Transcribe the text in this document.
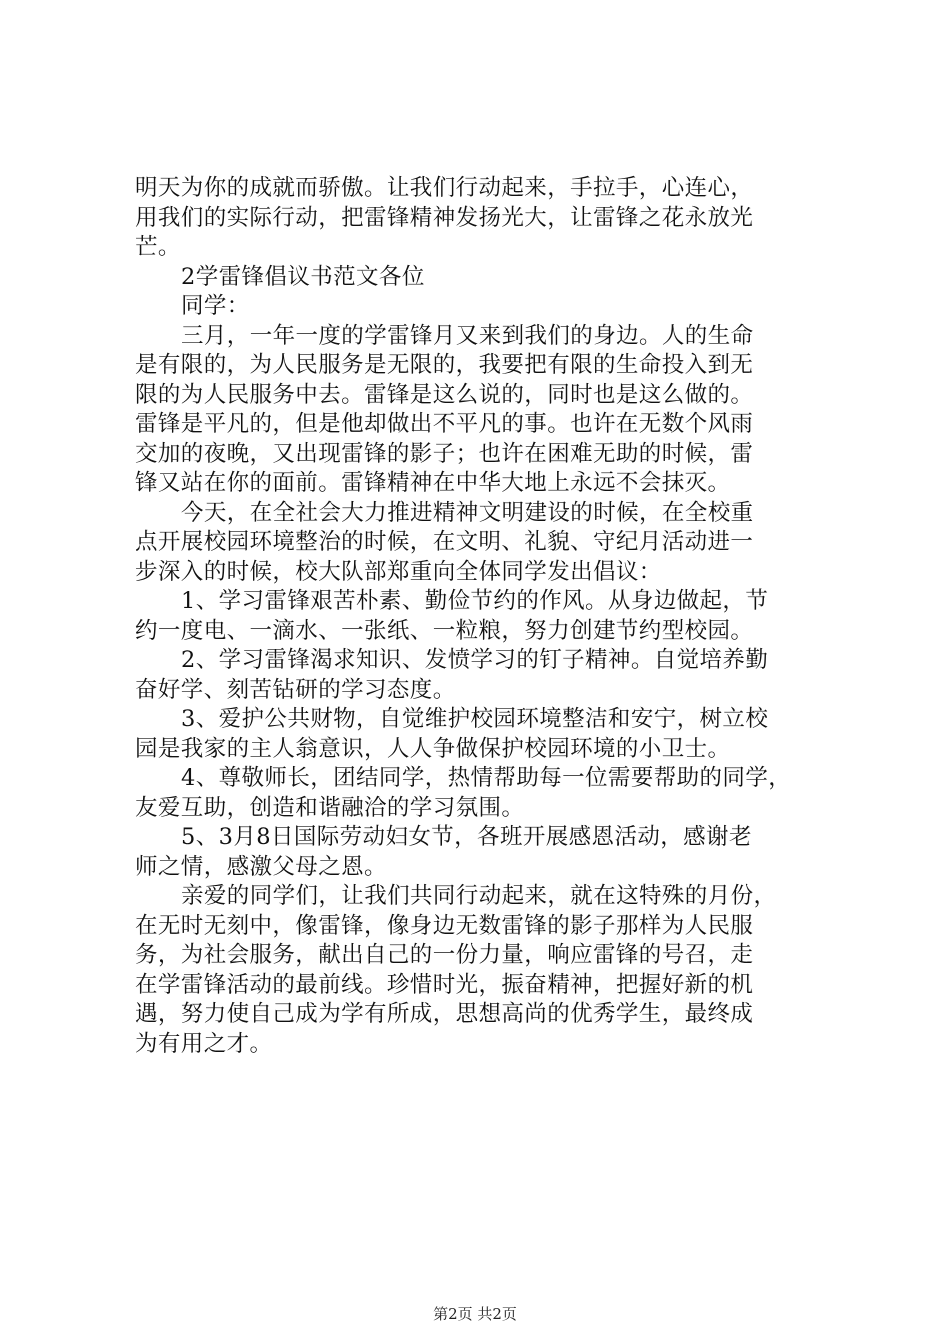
明天为你的成就而骄傲。让我们行动起来，手拉手，心连心，
用我们的实际行动，把雷锋精神发扬光大，让雷锋之花永放光
芒。
2学雷锋倡议书范文各位
同学：
三月，一年一度的学雷锋月又来到我们的身边。人的生命
是有限的，为人民服务是无限的，我要把有限的生命投入到无
限的为人民服务中去。雷锋是这么说的，同时也是这么做的。
雷锋是平凡的，但是他却做出不平凡的事。也许在无数个风雨
交加的夜晚，又出现雷锋的影子；也许在困难无助的时候，雷
锋又站在你的面前。雷锋精神在中华大地上永远不会抹灭。
今天，在全社会大力推进精神文明建设的时候，在全校重
点开展校园环境整治的时候，在文明、礼貌、守纪月活动进一
步深入的时候，校大队部郑重向全体同学发出倡议：
1、学习雷锋艰苦朴素、勤俭节约的作风。从身边做起，节
约一度电、一滴水、一张纸、一粒粮，努力创建节约型校园。
2、学习雷锋渴求知识、发愤学习的钉子精神。自觉培养勤
奋好学、刻苦钻研的学习态度。
3、爱护公共财物，自觉维护校园环境整洁和安宁，树立校
园是我家的主人翁意识，人人争做保护校园环境的小卫士。
4、尊敬师长，团结同学，热情帮助每一位需要帮助的同学，
友爱互助，创造和谐融洽的学习氛围。
5、3月8日国际劳动妇女节，各班开展感恩活动，感谢老
师之情，感激父母之恩。
亲爱的同学们，让我们共同行动起来，就在这特殊的月份，
在无时无刻中，像雷锋，像身边无数雷锋的影子那样为人民服
务，为社会服务，献出自己的一份力量，响应雷锋的号召，走
在学雷锋活动的最前线。珍惜时光，振奋精神，把握好新的机
遇，努力使自己成为学有所成，思想高尚的优秀学生，最终成
为有用之才。
第2页 共2页
